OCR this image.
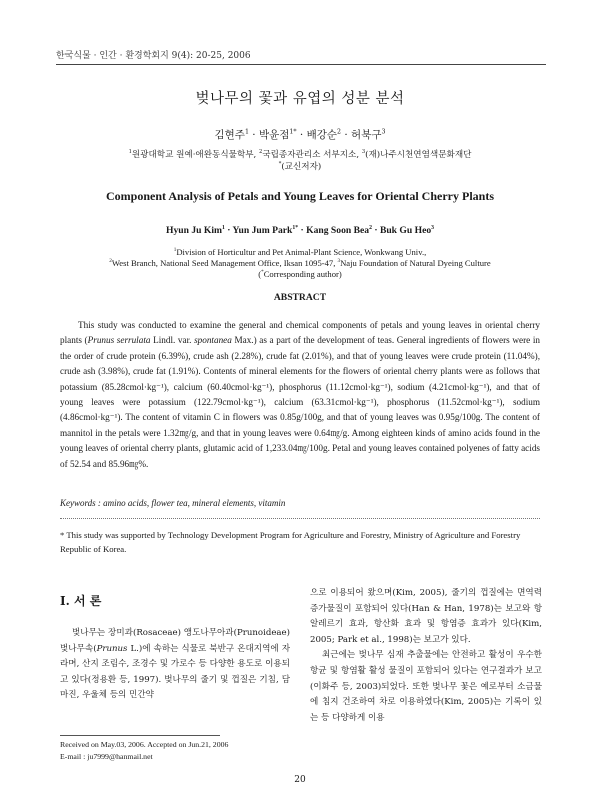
한국식물 · 인간 · 환경학회지 9(4): 20-25, 2006
벚나무의 꽃과 유엽의 성분 분석
김현주$^1$ · 박윤점$^{1*}$ · 배강순$^2$ · 허북구$^3$
$^1$원광대학교 원예·애완동식물학부, $^2$국립종자관리소 서부지소, $^3$(재)나주시천연염색문화재단
*(교신저자)
Component Analysis of Petals and Young Leaves for Oriental Cherry Plants
Hyun Ju Kim$^1$ · Yun Jum Park$^{1*}$ · Kang Soon Bea$^2$ · Buk Gu Heo$^3$
$^1$Division of Horticultur and Pet Animal-Plant Science, Wonkwang Univ.,
$^2$West Branch, National Seed Management Office, Iksan 1095-47, $^3$Naju Foundation of Natural Dyeing Culture
(*Corresponding author)
ABSTRACT
This study was conducted to examine the general and chemical components of petals and young leaves in oriental cherry plants (Prunus serrulata Lindl. var. spontanea Max.) as a part of the development of teas. General ingredients of flowers were in the order of crude protein (6.39%), crude ash (2.28%), crude fat (2.01%), and that of young leaves were crude protein (11.04%), crude ash (3.98%), crude fat (1.91%). Contents of mineral elements for the flowers of oriental cherry plants were as follows that potassium (85.28cmol·kg⁻¹), calcium (60.40cmol·kg⁻¹), phosphorus (11.12cmol·kg⁻¹), sodium (4.21cmol·kg⁻¹), and that of young leaves were potassium (122.79cmol·kg⁻¹), calcium (63.31cmol·kg⁻¹), phosphorus (11.52cmol·kg⁻¹), sodium (4.86cmol·kg⁻¹). The content of vitamin C in flowers was 0.85g/100g, and that of young leaves was 0.95g/100g. The content of mannitol in the petals were 1.32㎎/g, and that in young leaves were 0.64㎎/g. Among eighteen kinds of amino acids found in the young leaves of oriental cherry plants, glutamic acid of 1,233.04㎎/100g. Petal and young leaves contained polyenes of fatty acids of 52.54 and 85.96㎎%.
Keywords : amino acids, flower tea, mineral elements, vitamin
* This study was supported by Technology Development Program for Agriculture and Forestry, Ministry of Agriculture and Forestry Republic of Korea.
Ⅰ. 서 론
벚나무는 장미과(Rosaceae) 앵도나무아과(Prunoideae) 벚나무속(Prunus L.)에 속하는 식물로 북반구 온대지역에 자라며, 산지 조림수, 조경수 및 가로수 등 다양한 용도로 이용되고 있다(정용환 등, 1997). 벚나무의 줄기 및 껍질은 기침, 담마진, 우울체 등의 민간약

으로 이용되어 왔으며(Kim, 2005), 줄기의 껍질에는 면역력 증가물질이 포함되어 있다(Han & Han, 1978)는 보고와 항알레르기 효과, 항산화 효과 및 항염증 효과가 있다(Kim, 2005; Park et al., 1998)는 보고가 있다.

최근에는 벚나무 심재 추출물에는 안전하고 활성이 우수한 항균 및 항염활 활성 물질이 포함되어 있다는 연구결과가 보고(이화주 등, 2003)되었다. 또한 벚나무 꽃은 예로부터 소금물에 침지 건조하여 차로 이용하였다(Kim, 2005)는 기록이 있는 등 다양하게 이용

Received on May.03, 2006. Accepted on Jun.21, 2006
E-mail : ju7999@hanmail.net
20
